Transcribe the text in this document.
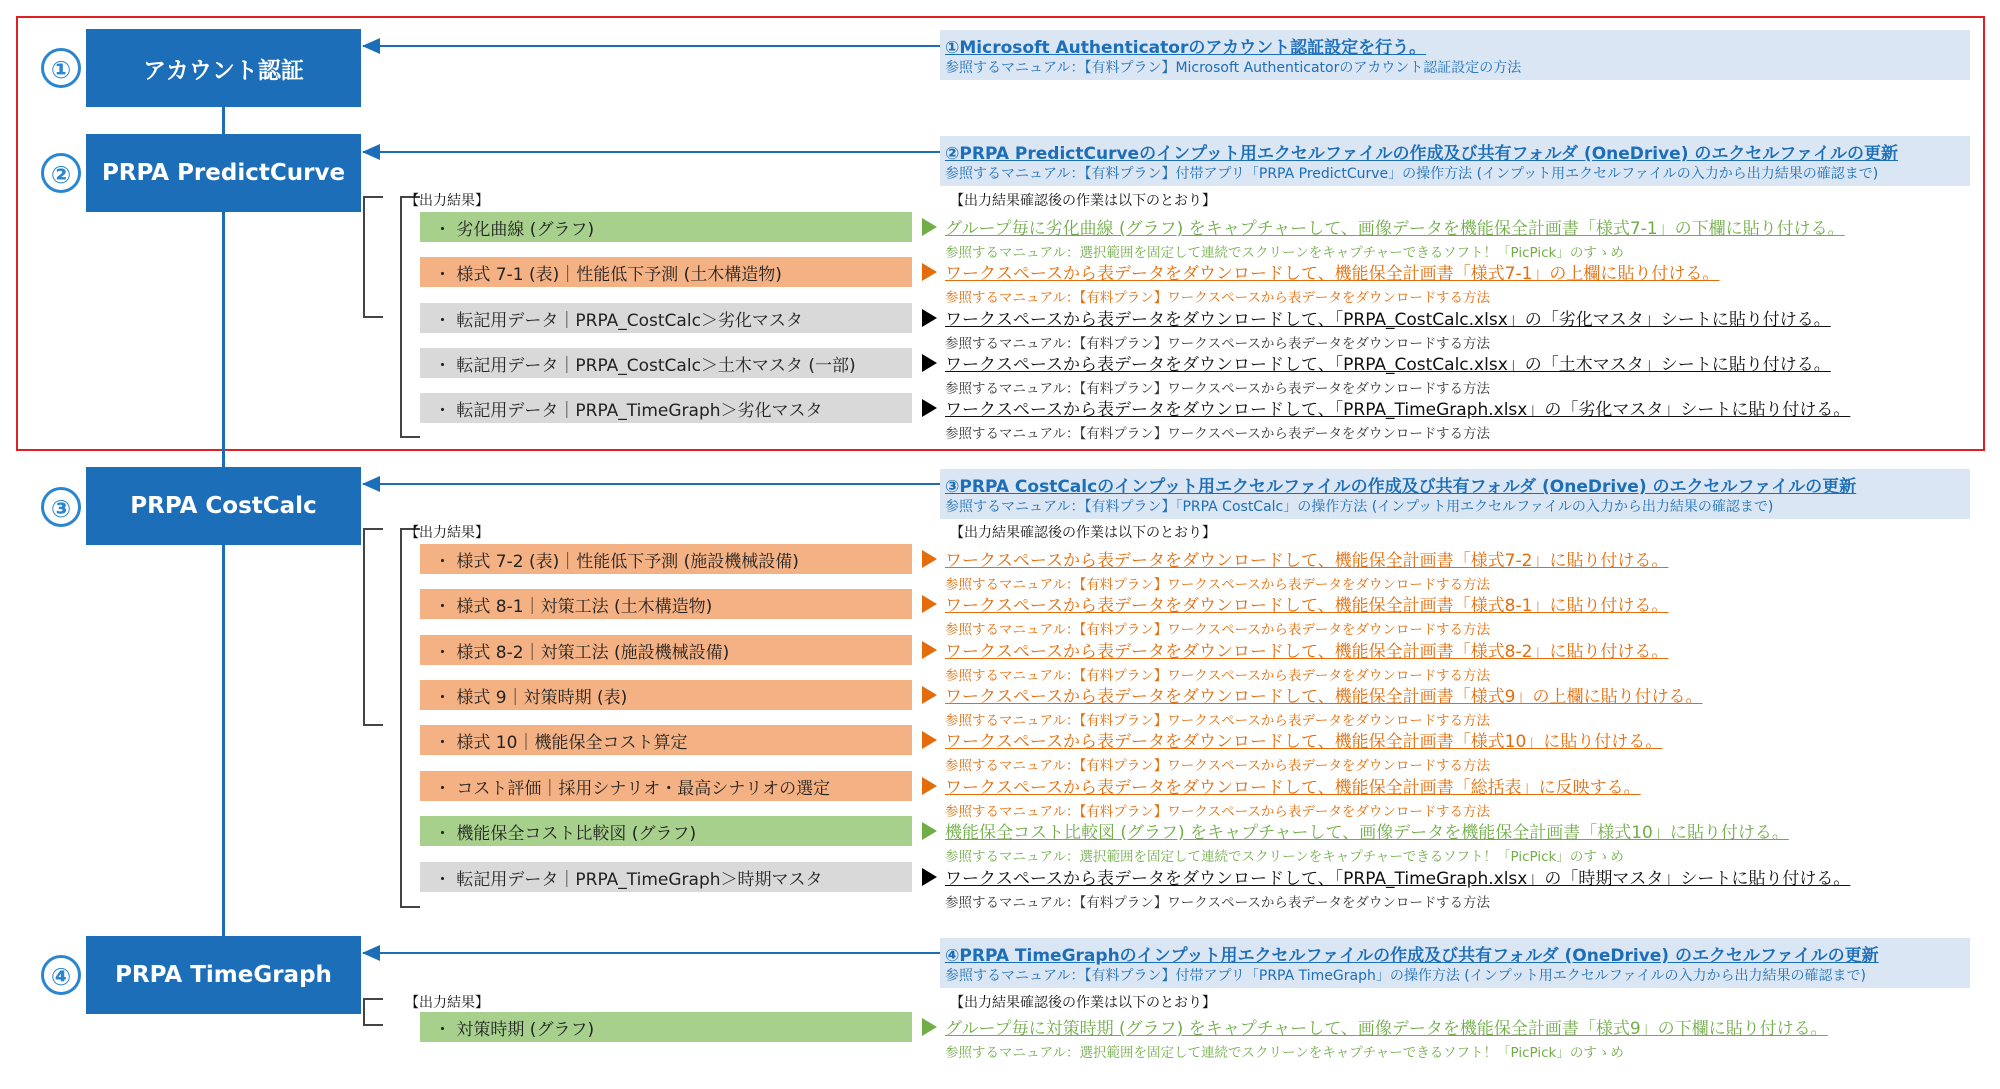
①	アカウント認証
①Microsoft Authenticatorのアカウント認証設定を行う。
参照するマニュアル：【有料プラン】Microsoft Authenticatorのアカウント認証設定の方法
②	PRPA PredictCurve
②PRPA PredictCurveのインプット用エクセルファイルの作成及び共有フォルダ (OneDrive) のエクセルファイルの更新
参照するマニュアル：【有料プラン】付帯アプリ「PRPA PredictCurve」の操作方法 (インプット用エクセルファイルの入力から出力結果の確認まで)
【出力結果】	【出力結果確認後の作業は以下のとおり】
・ 劣化曲線 (グラフ)	グループ毎に劣化曲線 (グラフ) をキャプチャーして、画像データを機能保全計画書「様式7-1」の下欄に貼り付ける。
参照するマニュアル：選択範囲を固定して連続でスクリーンをキャプチャーできるソフト！「PicPick」のすゝめ
・ 様式 7-1 (表)｜性能低下予測 (土木構造物)	ワークスペースから表データをダウンロードして、機能保全計画書「様式7-1」の上欄に貼り付ける。
参照するマニュアル：【有料プラン】ワークスペースから表データをダウンロードする方法
・ 転記用データ｜PRPA_CostCalc＞劣化マスタ	ワークスペースから表データをダウンロードして、「PRPA_CostCalc.xlsx」の「劣化マスタ」シートに貼り付ける。
参照するマニュアル：【有料プラン】ワークスペースから表データをダウンロードする方法
・ 転記用データ｜PRPA_CostCalc＞土木マスタ (一部)	ワークスペースから表データをダウンロードして、「PRPA_CostCalc.xlsx」の「土木マスタ」シートに貼り付ける。
参照するマニュアル：【有料プラン】ワークスペースから表データをダウンロードする方法
・ 転記用データ｜PRPA_TimeGraph＞劣化マスタ	ワークスペースから表データをダウンロードして、「PRPA_TimeGraph.xlsx」の「劣化マスタ」シートに貼り付ける。
参照するマニュアル：【有料プラン】ワークスペースから表データをダウンロードする方法
③	PRPA CostCalc
③PRPA CostCalcのインプット用エクセルファイルの作成及び共有フォルダ (OneDrive) のエクセルファイルの更新
参照するマニュアル：【有料プラン】「PRPA CostCalc」の操作方法 (インプット用エクセルファイルの入力から出力結果の確認まで)
【出力結果】	【出力結果確認後の作業は以下のとおり】
・ 様式 7-2 (表)｜性能低下予測 (施設機械設備)	ワークスペースから表データをダウンロードして、機能保全計画書「様式7-2」に貼り付ける。
参照するマニュアル：【有料プラン】ワークスペースから表データをダウンロードする方法
・ 様式 8-1｜対策工法 (土木構造物)	ワークスペースから表データをダウンロードして、機能保全計画書「様式8-1」に貼り付ける。
参照するマニュアル：【有料プラン】ワークスペースから表データをダウンロードする方法
・ 様式 8-2｜対策工法 (施設機械設備)	ワークスペースから表データをダウンロードして、機能保全計画書「様式8-2」に貼り付ける。
参照するマニュアル：【有料プラン】ワークスペースから表データをダウンロードする方法
・ 様式 9｜対策時期 (表)	ワークスペースから表データをダウンロードして、機能保全計画書「様式9」の上欄に貼り付ける。
参照するマニュアル：【有料プラン】ワークスペースから表データをダウンロードする方法
・ 様式 10｜機能保全コスト算定	ワークスペースから表データをダウンロードして、機能保全計画書「様式10」に貼り付ける。
参照するマニュアル：【有料プラン】ワークスペースから表データをダウンロードする方法
・ コスト評価｜採用シナリオ・最高シナリオの選定	ワークスペースから表データをダウンロードして、機能保全計画書「総括表」に反映する。
参照するマニュアル：【有料プラン】ワークスペースから表データをダウンロードする方法
・ 機能保全コスト比較図 (グラフ)	機能保全コスト比較図 (グラフ) をキャプチャーして、画像データを機能保全計画書「様式10」に貼り付ける。
参照するマニュアル：選択範囲を固定して連続でスクリーンをキャプチャーできるソフト！「PicPick」のすゝめ
・ 転記用データ｜PRPA_TimeGraph＞時期マスタ	ワークスペースから表データをダウンロードして、「PRPA_TimeGraph.xlsx」の「時期マスタ」シートに貼り付ける。
参照するマニュアル：【有料プラン】ワークスペースから表データをダウンロードする方法
④	PRPA TimeGraph
④PRPA TimeGraphのインプット用エクセルファイルの作成及び共有フォルダ (OneDrive) のエクセルファイルの更新
参照するマニュアル：【有料プラン】付帯アプリ「PRPA TimeGraph」の操作方法 (インプット用エクセルファイルの入力から出力結果の確認まで)
【出力結果】	【出力結果確認後の作業は以下のとおり】
・ 対策時期 (グラフ)	グループ毎に対策時期 (グラフ) をキャプチャーして、画像データを機能保全計画書「様式9」の下欄に貼り付ける。
参照するマニュアル：選択範囲を固定して連続でスクリーンをキャプチャーできるソフト！「PicPick」のすゝめ
